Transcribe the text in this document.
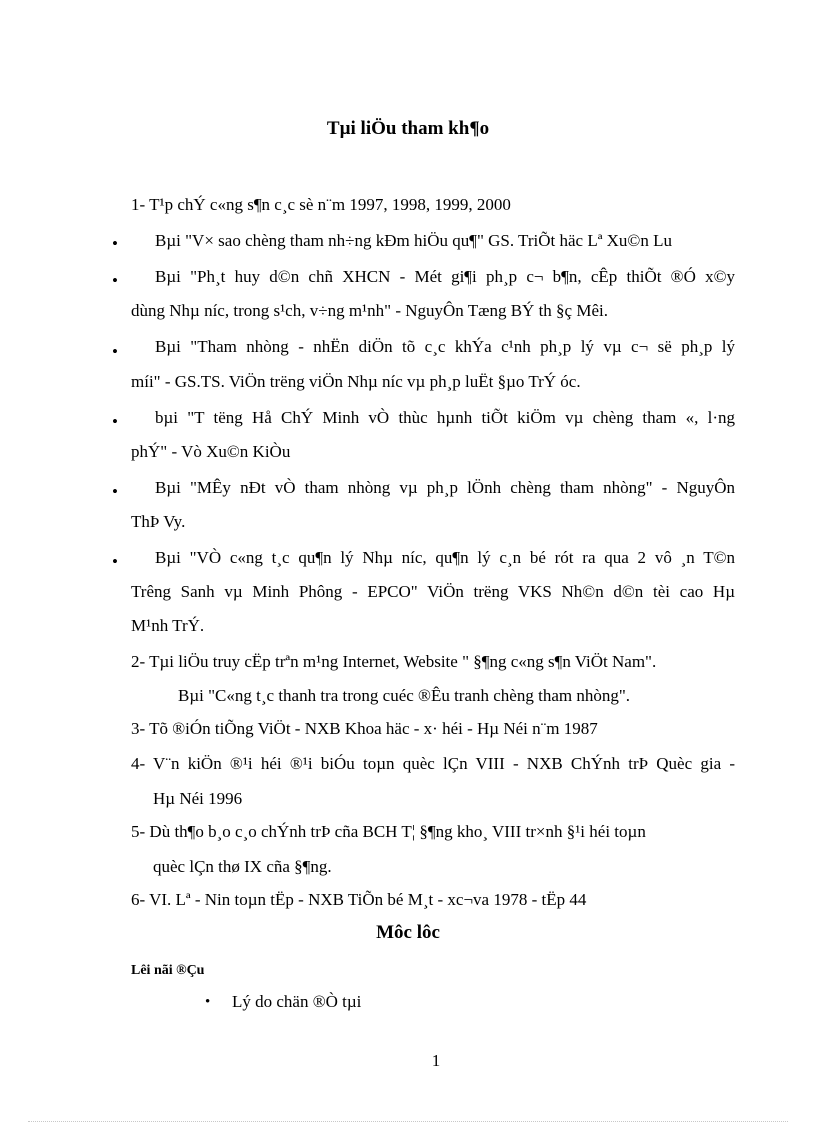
Tµi liÖu tham kh¶o
1- T¹p chÝ c«ng s¶n c¸c sè n¨m 1997, 1998, 1999, 2000
• Bµi "V× sao chèng tham nh÷ng kÐm hiÖu qu¶" GS. TriÕt häc Lª Xu©n Lu
• Bµi "Ph¸t huy d©n chñ XHCN - Mét gi¶i ph¸p c¬ b¶n, cÊp thiÕt ®Ó x©y
dùng Nhµ níc, trong s¹ch, v÷ng m¹nh" - NguyÔn Tæng BÝ th §ç Mêi.
• Bµi "Tham nhòng - nhËn diÖn tõ c¸c khÝa c¹nh ph¸p lý vµ c¬ së ph¸p lý
míi" - GS.TS. ViÖn trëng viÖn Nhµ níc vµ ph¸p luËt §µo TrÝ óc.
• bµi "T tëng Hå ChÝ Minh vÒ thùc hµnh tiÕt kiÖm vµ chèng tham «, l·ng
phÝ" - Vò Xu©n KiÒu
• Bµi "MÊy nÐt vÒ tham nhòng vµ ph¸p lÖnh chèng tham nhòng" - NguyÔn
ThÞ Vy.
• Bµi "VÒ c«ng t¸c qu¶n lý Nhµ níc, qu¶n lý c¸n bé rót ra qua 2 vô ¸n T©n
Trêng Sanh vµ Minh Phông - EPCO" ViÖn trëng VKS Nh©n d©n tèi cao Hµ
M¹nh TrÝ.
2- Tµi liÖu truy cËp trªn m¹ng Internet, Website " §¶ng c«ng s¶n ViÖt Nam".
Bµi "C«ng t¸c thanh tra trong cuéc ®Êu tranh chèng tham nhòng".
3- Tõ ®iÓn tiÕng ViÖt - NXB Khoa häc - x· héi - Hµ Néi n¨m 1987
4- V¨n kiÖn ®¹i héi ®¹i biÓu toµn quèc lÇn VIII - NXB ChÝnh trÞ Quèc gia -
Hµ Néi 1996
5- Dù th¶o b¸o c¸o chÝnh trÞ cña BCH T¦ §¶ng kho¸ VIII tr×nh §¹i héi toµn
quèc lÇn thø IX cña §¶ng.
6- VI. Lª - Nin toµn tËp - NXB TiÕn bé M¸t - xc¬va 1978 - tËp 44
Môc lôc
Lêi nãi ®Çu
• Lý do chän ®Ò tµi
1
